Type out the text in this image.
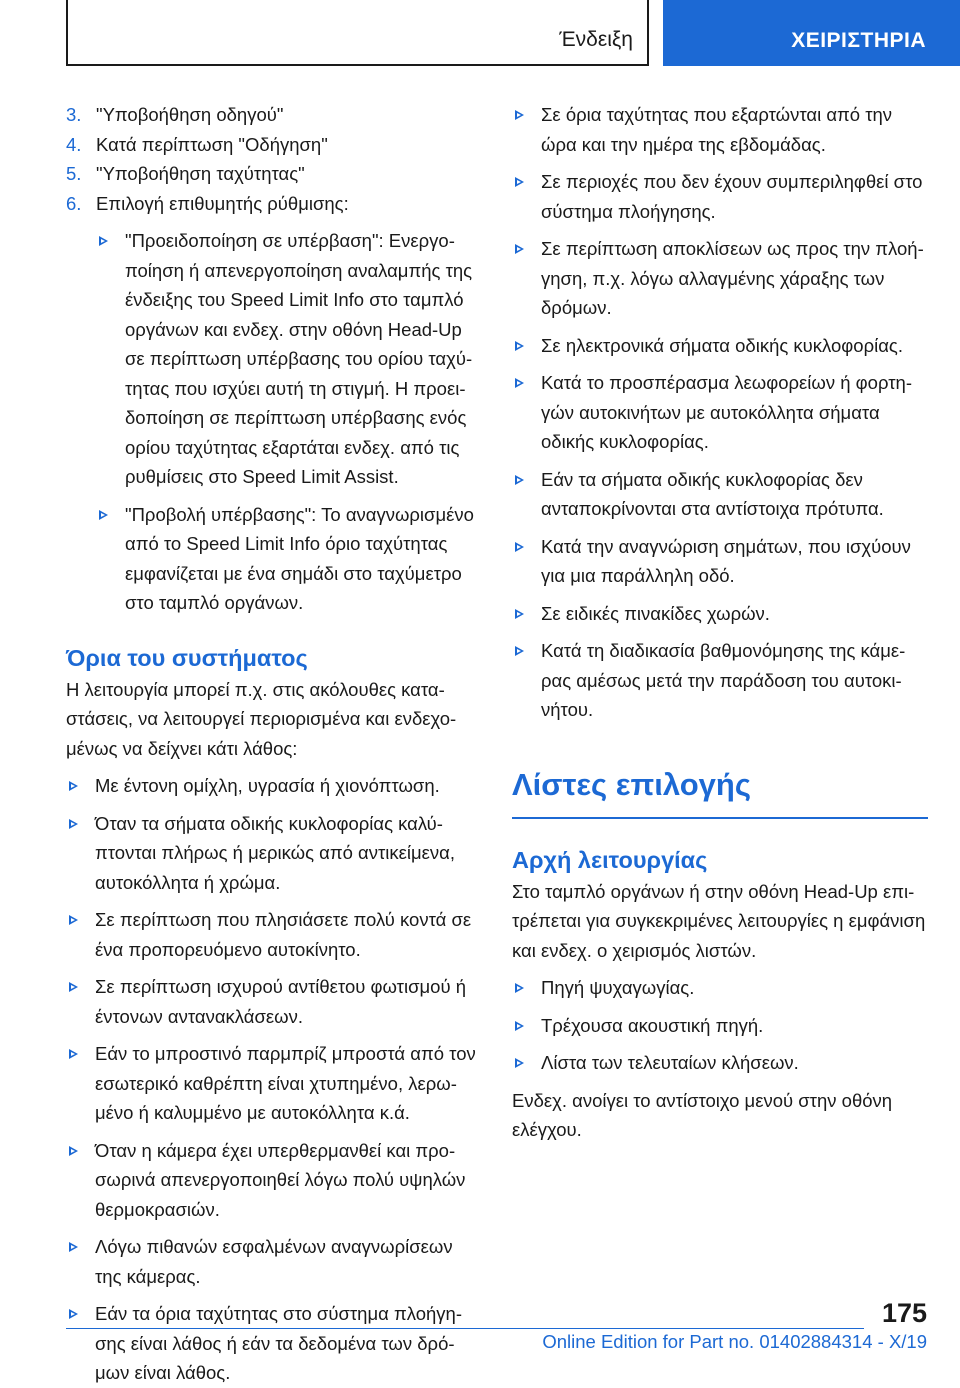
Ένδειξη	ΧΕΙΡΙΣΤΗΡΙΑ
3. "Υποβοήθηση οδηγού"
4. Κατά περίπτωση "Οδήγηση"
5. "Υποβοήθηση ταχύτητας"
6. Επιλογή επιθυμητής ρύθμισης:
"Προειδοποίηση σε υπέρβαση": Ενεργοποίηση ή απενεργοποίηση αναλαμπής της ένδειξης του Speed Limit Info στο ταμπλό οργάνων και ενδεχ. στην οθόνη Head-Up σε περίπτωση υπέρβασης του ορίου ταχύτητας που ισχύει αυτή τη στιγμή. Η προειδοποίηση σε περίπτωση υπέρβασης ενός ορίου ταχύτητας εξαρτάται ενδεχ. από τις ρυθμίσεις στο Speed Limit Assist.
"Προβολή υπέρβασης": Το αναγνωρισμένο από το Speed Limit Info όριο ταχύτητας εμφανίζεται με ένα σημάδι στο ταχύμετρο στο ταμπλό οργάνων.
Όρια του συστήματος
Η λειτουργία μπορεί π.χ. στις ακόλουθες καταστάσεις, να λειτουργεί περιορισμένα και ενδεχομένως να δείχνει κάτι λάθος:
Με έντονη ομίχλη, υγρασία ή χιονόπτωση.
Όταν τα σήματα οδικής κυκλοφορίας καλύπτονται πλήρως ή μερικώς από αντικείμενα, αυτοκόλλητα ή χρώμα.
Σε περίπτωση που πλησιάσετε πολύ κοντά σε ένα προπορευόμενο αυτοκίνητο.
Σε περίπτωση ισχυρού αντίθετου φωτισμού ή έντονων αντανακλάσεων.
Εάν το μπροστινό παρμπρίζ μπροστά από τον εσωτερικό καθρέπτη είναι χτυπημένο, λερωμένο ή καλυμμένο με αυτοκόλλητα κ.ά.
Όταν η κάμερα έχει υπερθερμανθεί και προσωρινά απενεργοποιηθεί λόγω πολύ υψηλών θερμοκρασιών.
Λόγω πιθανών εσφαλμένων αναγνωρίσεων της κάμερας.
Εάν τα όρια ταχύτητας στο σύστημα πλοήγησης είναι λάθος ή εάν τα δεδομένα των δρόμων είναι λάθος.
Σε όρια ταχύτητας που εξαρτώνται από την ώρα και την ημέρα της εβδομάδας.
Σε περιοχές που δεν έχουν συμπεριληφθεί στο σύστημα πλοήγησης.
Σε περίπτωση αποκλίσεων ως προς την πλοήγηση, π.χ. λόγω αλλαγμένης χάραξης των δρόμων.
Σε ηλεκτρονικά σήματα οδικής κυκλοφορίας.
Κατά το προσπέρασμα λεωφορείων ή φορτηγών αυτοκινήτων με αυτοκόλλητα σήματα οδικής κυκλοφορίας.
Εάν τα σήματα οδικής κυκλοφορίας δεν ανταποκρίνονται στα αντίστοιχα πρότυπα.
Κατά την αναγνώριση σημάτων, που ισχύουν για μια παράλληλη οδό.
Σε ειδικές πινακίδες χωρών.
Κατά τη διαδικασία βαθμονόμησης της κάμερας αμέσως μετά την παράδοση του αυτοκινήτου.
Λίστες επιλογής
Αρχή λειτουργίας
Στο ταμπλό οργάνων ή στην οθόνη Head-Up επιτρέπεται για συγκεκριμένες λειτουργίες η εμφάνιση και ενδεχ. ο χειρισμός λιστών.
Πηγή ψυχαγωγίας.
Τρέχουσα ακουστική πηγή.
Λίστα των τελευταίων κλήσεων.
Ενδεχ. ανοίγει το αντίστοιχο μενού στην οθόνη ελέγχου.
175
Online Edition for Part no. 01402884314 - X/19
